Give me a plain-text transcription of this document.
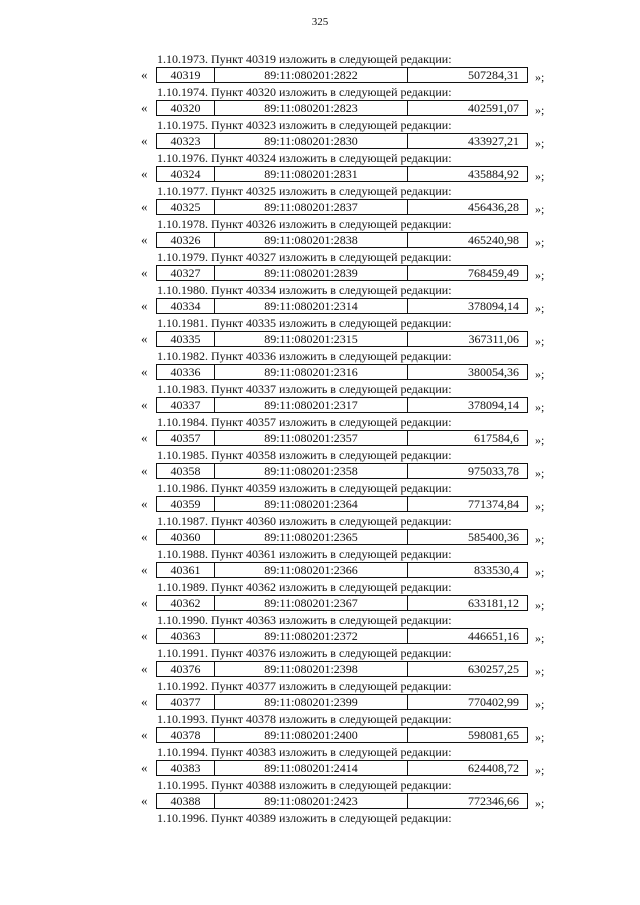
325
1.10.1973. Пункт 40319 изложить в следующей редакции:
«	40319	89:11:080201:2822	507284,31	»;
1.10.1974. Пункт 40320 изложить в следующей редакции:
«	40320	89:11:080201:2823	402591,07	»;
1.10.1975. Пункт 40323 изложить в следующей редакции:
«	40323	89:11:080201:2830	433927,21	»;
1.10.1976. Пункт 40324 изложить в следующей редакции:
«	40324	89:11:080201:2831	435884,92	»;
1.10.1977. Пункт 40325 изложить в следующей редакции:
«	40325	89:11:080201:2837	456436,28	»;
1.10.1978. Пункт 40326 изложить в следующей редакции:
«	40326	89:11:080201:2838	465240,98	»;
1.10.1979. Пункт 40327 изложить в следующей редакции:
«	40327	89:11:080201:2839	768459,49	»;
1.10.1980. Пункт 40334 изложить в следующей редакции:
«	40334	89:11:080201:2314	378094,14	»;
1.10.1981. Пункт 40335 изложить в следующей редакции:
«	40335	89:11:080201:2315	367311,06	»;
1.10.1982. Пункт 40336 изложить в следующей редакции:
«	40336	89:11:080201:2316	380054,36	»;
1.10.1983. Пункт 40337 изложить в следующей редакции:
«	40337	89:11:080201:2317	378094,14	»;
1.10.1984. Пункт 40357 изложить в следующей редакции:
«	40357	89:11:080201:2357	617584,6	»;
1.10.1985. Пункт 40358 изложить в следующей редакции:
«	40358	89:11:080201:2358	975033,78	»;
1.10.1986. Пункт 40359 изложить в следующей редакции:
«	40359	89:11:080201:2364	771374,84	»;
1.10.1987. Пункт 40360 изложить в следующей редакции:
«	40360	89:11:080201:2365	585400,36	»;
1.10.1988. Пункт 40361 изложить в следующей редакции:
«	40361	89:11:080201:2366	833530,4	»;
1.10.1989. Пункт 40362 изложить в следующей редакции:
«	40362	89:11:080201:2367	633181,12	»;
1.10.1990. Пункт 40363 изложить в следующей редакции:
«	40363	89:11:080201:2372	446651,16	»;
1.10.1991. Пункт 40376 изложить в следующей редакции:
«	40376	89:11:080201:2398	630257,25	»;
1.10.1992. Пункт 40377 изложить в следующей редакции:
«	40377	89:11:080201:2399	770402,99	»;
1.10.1993. Пункт 40378 изложить в следующей редакции:
«	40378	89:11:080201:2400	598081,65	»;
1.10.1994. Пункт 40383 изложить в следующей редакции:
«	40383	89:11:080201:2414	624408,72	»;
1.10.1995. Пункт 40388 изложить в следующей редакции:
«	40388	89:11:080201:2423	772346,66	»;
1.10.1996. Пункт 40389 изложить в следующей редакции:
